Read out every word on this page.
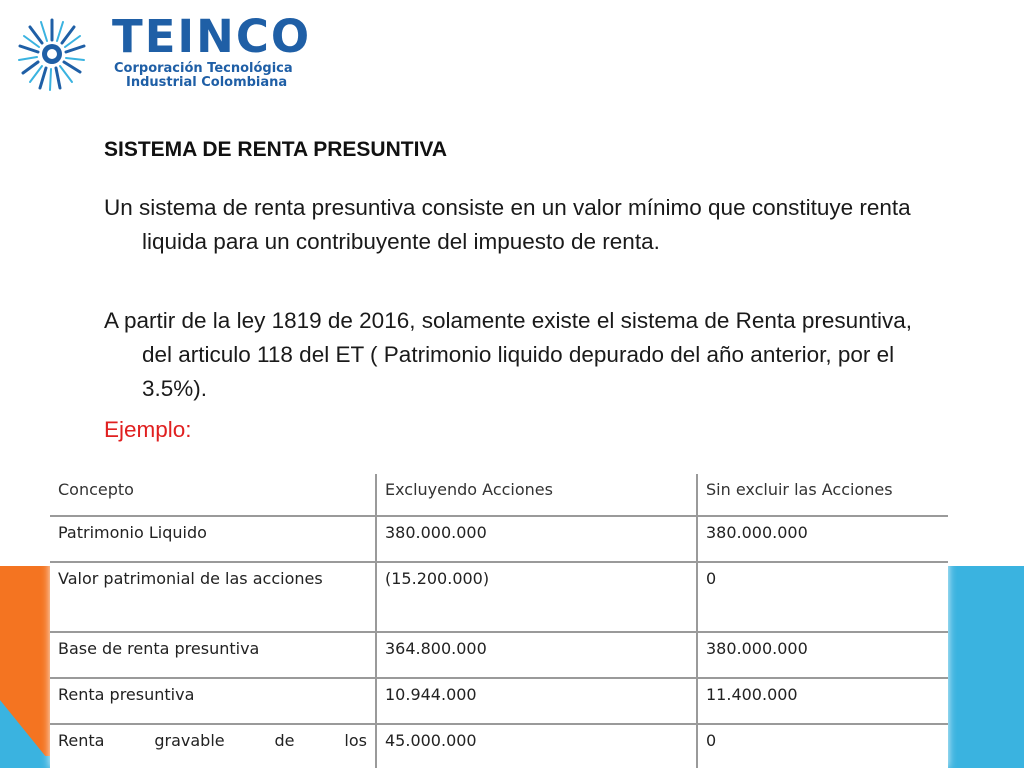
TEINCO
Corporación Tecnológica
Industrial Colombiana
SISTEMA DE RENTA PRESUNTIVA
Un sistema de renta presuntiva consiste en un valor mínimo que constituye renta liquida para un contribuyente del impuesto de renta.
A partir de la ley 1819 de 2016, solamente existe el sistema de Renta presuntiva, del articulo 118 del ET ( Patrimonio liquido depurado del año anterior, por el 3.5%).
Ejemplo:
Concepto	Excluyendo Acciones	Sin excluir las Acciones
Patrimonio Liquido	380.000.000	380.000.000

Valor patrimonial de las acciones	(15.200.000)	0
Base de renta presuntiva	364.800.000	380.000.000
Renta presuntiva	10.944.000	11.400.000

Renta gravable de los	45.000.000	0
